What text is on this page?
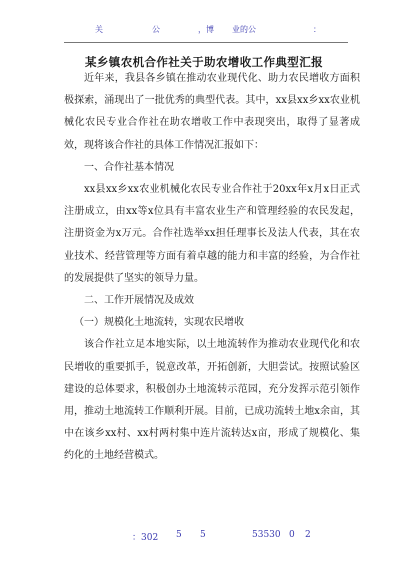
关	公	，博 业的公	：
某乡镇农机合作社关于助农增收工作典型汇报

近年来，我县各乡镇在推动农业现代化、助力农民增收方面积极探索，涌现出了一批优秀的典型代表。其中，xx县xx乡xx农业机械化农民专业合作社在助农增收工作中表现突出，取得了显著成效，现将该合作社的具体工作情况汇报如下：

一、合作社基本情况

xx县xx乡xx农业机械化农民专业合作社于20xx年x月x日正式注册成立，由xx等x位具有丰富农业生产和管理经验的农民发起，注册资金为x万元。合作社选举xx担任理事长及法人代表，其在农业技术、经营管理等方面有着卓越的能力和丰富的经验，为合作社的发展提供了坚实的领导力量。

二、工作开展情况及成效

（一）规模化土地流转，实现农民增收

该合作社立足本地实际，以土地流转作为推动农业现代化和农民增收的重要抓手，锐意改革，开拓创新，大胆尝试。按照试验区建设的总体要求，积极创办土地流转示范园，充分发挥示范引领作用，推动土地流转工作顺利开展。目前，已成功流转土地x余亩，其中在该乡xx村、xx村两村集中连片流转达x亩，形成了规模化、集约化的土地经营模式。

：302 5 5	53530 0 2
